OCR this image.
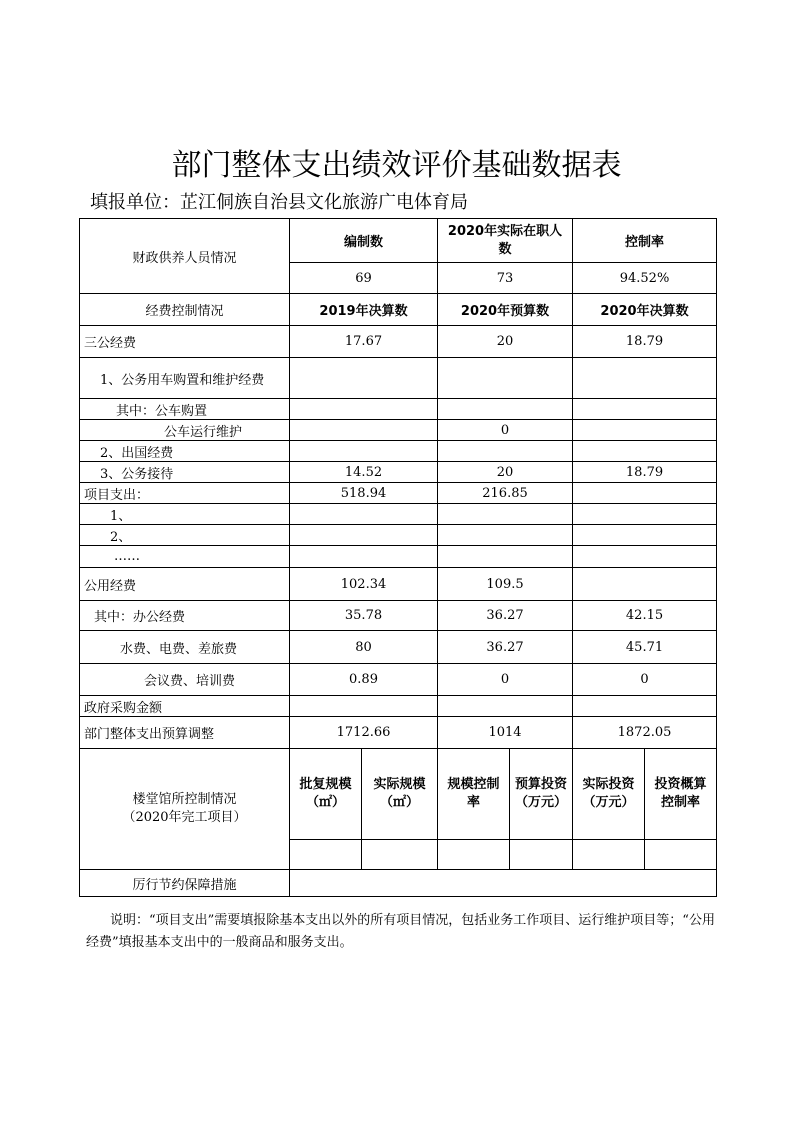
部门整体支出绩效评价基础数据表
填报单位：芷江侗族自治县文化旅游广电体育局
财政供养人员情况	编制数		2020年实际在职人数		控制率	
	69		73		94.52%	
经费控制情况	2019年决算数		2020年预算数		2020年决算数	
三公经费	17.67		20		18.79	
1、公务用车购置和维护经费						
其中：公车购置						
公车运行维护			0			
2、出国经费						
3、公务接待	14.52		20		18.79	
项目支出：	518.94		216.85			
1、						
2、						
……						
公用经费	102.34		109.5			
其中：办公经费	35.78		36.27		42.15	
水费、电费、差旅费	80		36.27		45.71	
会议费、培训费	0.89		0		0	
政府采购金额						
部门整体支出预算调整	1712.66		1014		1872.05	
楼堂馆所控制情况
（2020年完工项目）	批复规模（㎡）	实际规模（㎡）	规模控制率	预算投资（万元）	实际投资（万元）	投资概算控制率

厉行节约保障措施						
说明：“项目支出”需要填报除基本支出以外的所有项目情况，包括业务工作项目、运行维护项目等；“公用经费”填报基本支出中的一般商品和服务支出。
